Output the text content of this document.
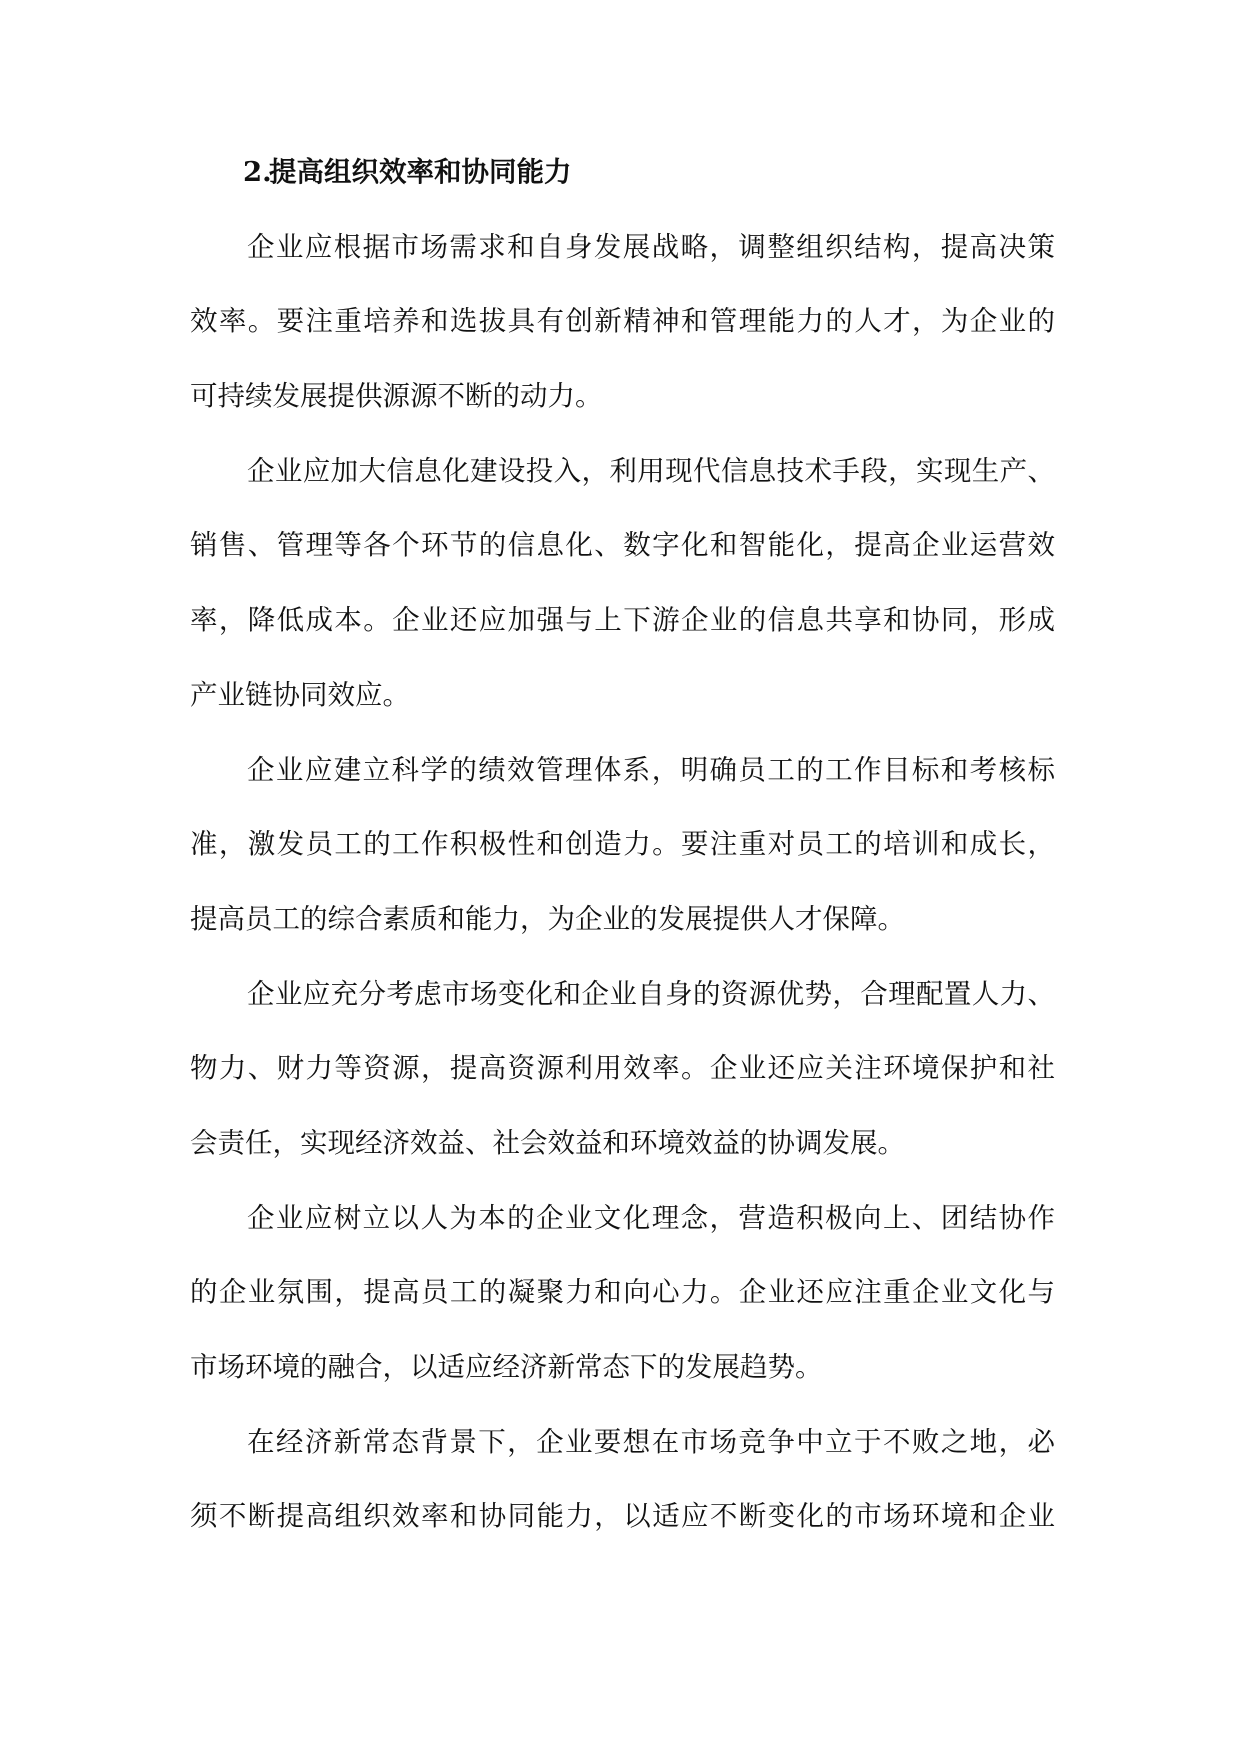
2.提高组织效率和协同能力
企业应根据市场需求和自身发展战略，调整组织结构，提高决策
效率。要注重培养和选拔具有创新精神和管理能力的人才，为企业的
可持续发展提供源源不断的动力。
企业应加大信息化建设投入，利用现代信息技术手段，实现生产、
销售、管理等各个环节的信息化、数字化和智能化，提高企业运营效
率，降低成本。企业还应加强与上下游企业的信息共享和协同，形成
产业链协同效应。
企业应建立科学的绩效管理体系，明确员工的工作目标和考核标
准，激发员工的工作积极性和创造力。要注重对员工的培训和成长，
提高员工的综合素质和能力，为企业的发展提供人才保障。
企业应充分考虑市场变化和企业自身的资源优势，合理配置人力、
物力、财力等资源，提高资源利用效率。企业还应关注环境保护和社
会责任，实现经济效益、社会效益和环境效益的协调发展。
企业应树立以人为本的企业文化理念，营造积极向上、团结协作
的企业氛围，提高员工的凝聚力和向心力。企业还应注重企业文化与
市场环境的融合，以适应经济新常态下的发展趋势。
在经济新常态背景下，企业要想在市场竞争中立于不败之地，必
须不断提高组织效率和协同能力，以适应不断变化的市场环境和企业
